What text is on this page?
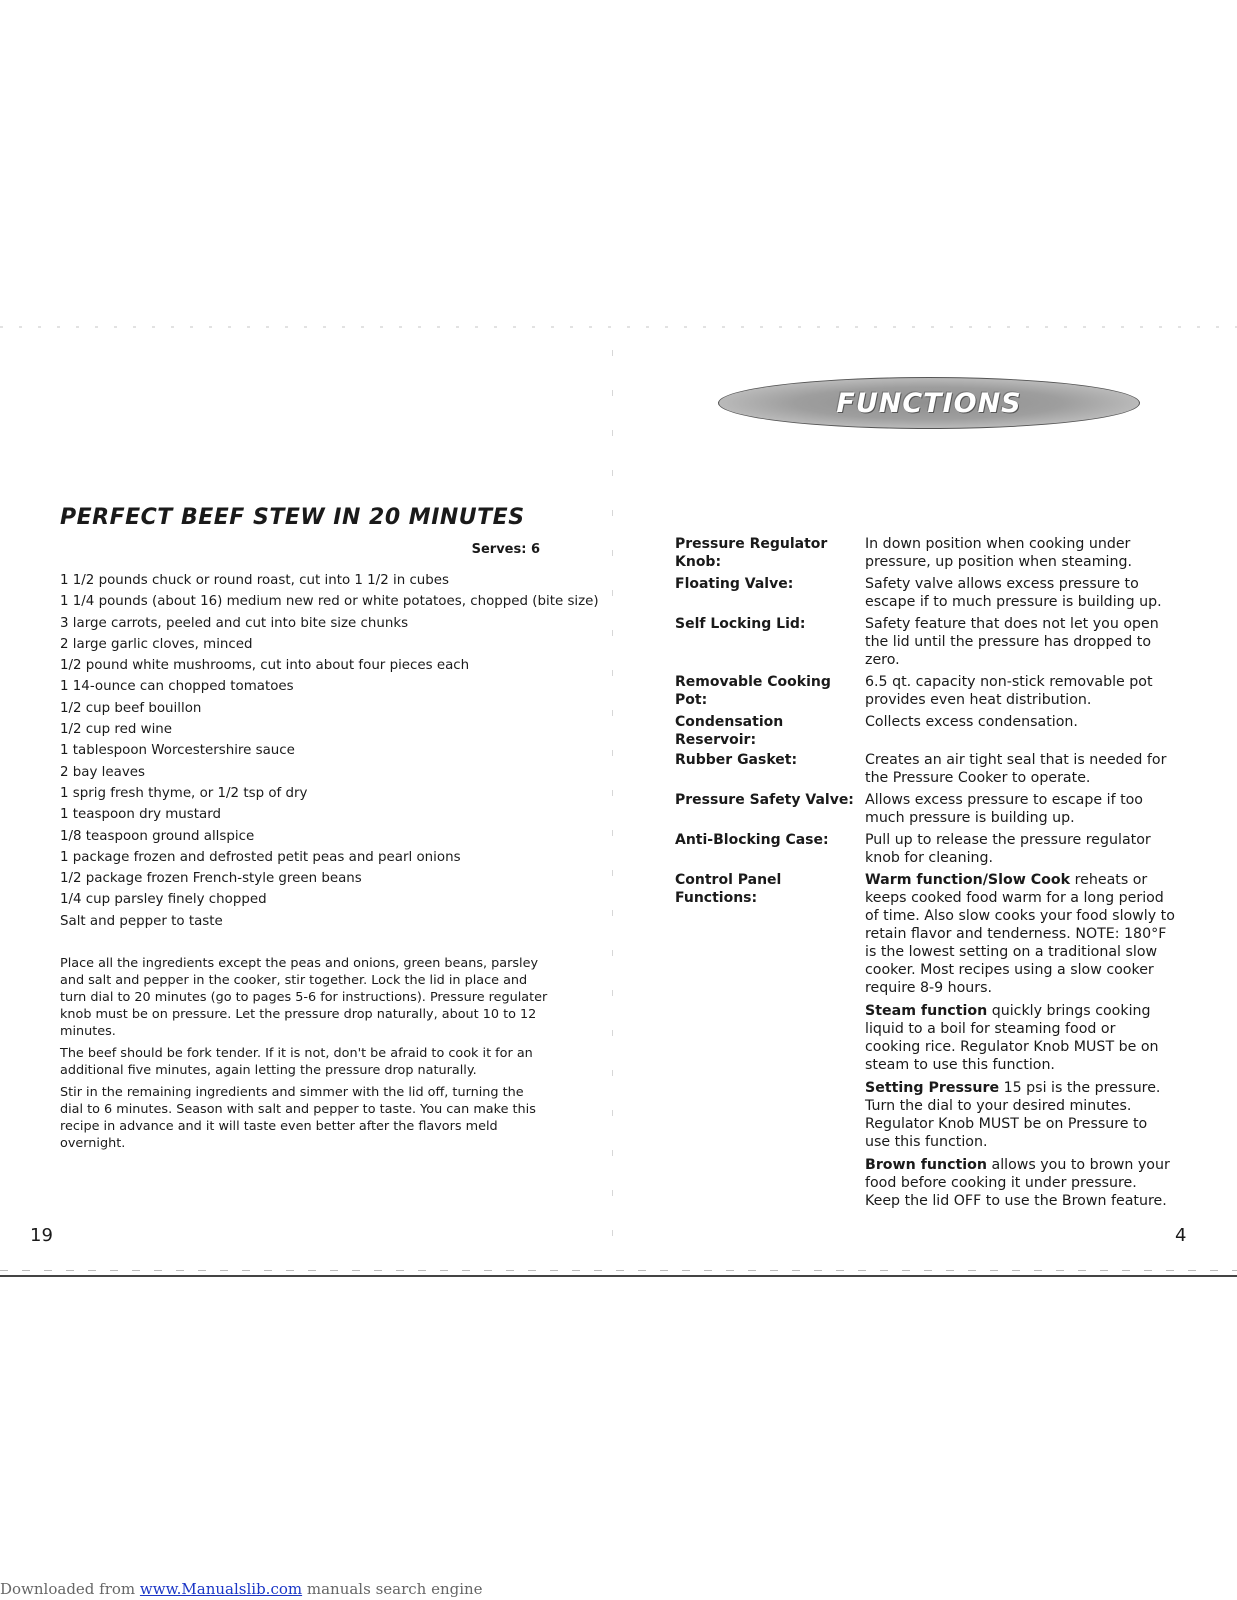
PERFECT BEEF STEW IN 20 MINUTES
Serves: 6
1 1/2 pounds chuck or round roast, cut into 1 1/2 in cubes
1 1/4 pounds (about 16) medium new red or white potatoes, chopped (bite size)
3 large carrots, peeled and cut into bite size chunks
2 large garlic cloves, minced
1/2 pound white mushrooms, cut into about four pieces each
1 14-ounce can chopped tomatoes
1/2 cup beef bouillon
1/2 cup red wine
1 tablespoon Worcestershire sauce
2 bay leaves
1 sprig fresh thyme, or 1/2 tsp of dry
1 teaspoon dry mustard
1/8 teaspoon ground allspice
1 package frozen and defrosted petit peas and pearl onions
1/2 package frozen French-style green beans
1/4 cup parsley finely chopped
Salt and pepper to taste

Place all the ingredients except the peas and onions, green beans, parsley and salt and pepper in the cooker, stir together. Lock the lid in place and turn dial to 20 minutes (go to pages 5-6 for instructions). Pressure regulater knob must be on pressure. Let the pressure drop naturally, about 10 to 12 minutes.

The beef should be fork tender. If it is not, don't be afraid to cook it for an additional five minutes, again letting the pressure drop naturally.

Stir in the remaining ingredients and simmer with the lid off, turning the dial to 6 minutes. Season with salt and pepper to taste. You can make this recipe in advance and it will taste even better after the flavors meld overnight.

19
FUNCTIONS
Pressure Regulator Knob:
In down position when cooking under pressure, up position when steaming.
Floating Valve:	Safety valve allows excess pressure to escape if to much pressure is building up.
Self Locking Lid:	Safety feature that does not let you open the lid until the pressure has dropped to zero.
Removable Cooking Pot:
6.5 qt. capacity non-stick removable pot provides even heat distribution.
Condensation Reservoir:
Collects excess condensation.
Rubber Gasket:	Creates an air tight seal that is needed for the Pressure Cooker to operate.
Pressure Safety Valve: Allows excess pressure to escape if too much pressure is building up.
Anti-Blocking Case:	Pull up to release the pressure regulator knob for cleaning.
Control Panel Functions:

Warm function/Slow Cook reheats or keeps cooked food warm for a long period of time. Also slow cooks your food slowly to retain flavor and tenderness. NOTE: 180°F is the lowest setting on a traditional slow cooker. Most recipes using a slow cooker require 8-9 hours.

Steam function quickly brings cooking liquid to a boil for steaming food or cooking rice. Regulator Knob MUST be on steam to use this function.

Setting Pressure 15 psi is the pressure. Turn the dial to your desired minutes. Regulator Knob MUST be on Pressure to use this function.

Brown function allows you to brown your food before cooking it under pressure. Keep the lid OFF to use the Brown feature.

4
Downloaded from www.Manualslib.com manuals search engine
